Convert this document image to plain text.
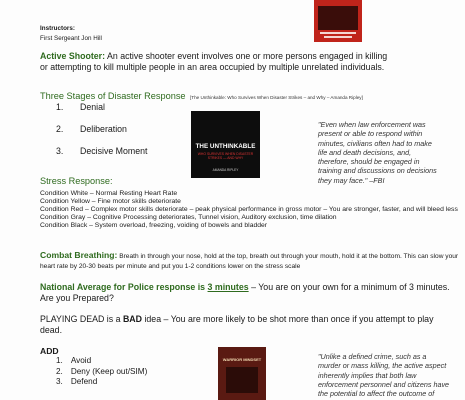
Instructors:
First Sergeant Jon Hill
Active Shooter: An active shooter event involves one or more persons engaged in killing or attempting to kill multiple people in an area occupied by multiple unrelated individuals.
Three Stages of Disaster Response [The Unthinkable: Who Survives When Disaster Strikes – and Why – Amanda Ripley]
1. Denial
2. Deliberation
3. Decisive Moment	THE UNTHINKABLE
WHO SURVIVES WHEN DISASTER STRIKES — AND WHY
AMANDA RIPLEY
"Even when law enforcement was present or able to respond within minutes, civilians often had to make life and death decisions, and, therefore, should be engaged in training and discussions on decisions they may face." –FBI
Stress Response:
Condition White – Normal Resting Heart Rate
Condition Yellow – Fine motor skills deteriorate
Condition Red – Complex motor skills deteriorate – peak physical performance in gross motor – You are stronger, faster, and will bleed less
Condition Gray – Cognitive Processing deteriorates, Tunnel vision, Auditory exclusion, time dilation
Condition Black – System overload, freezing, voiding of bowels and bladder
Combat Breathing: Breath in through your nose, hold at the top, breath out through your mouth, hold it at the bottom. This can slow your heart rate by 20-30 beats per minute and put you 1-2 conditions lower on the stress scale
National Average for Police response is 3 minutes – You are on your own for a minimum of 3 minutes. Are you Prepared?
PLAYING DEAD is a BAD idea – You are more likely to be shot more than once if you attempt to play dead.
ADD
1. Avoid
2. Deny (Keep out/SIM)
3. Defend
WARRIOR MINDSET	"Unlike a defined crime, such as a murder or mass killing, the active aspect inherently implies that both law enforcement personnel and citizens have the potential to affect the outcome of
